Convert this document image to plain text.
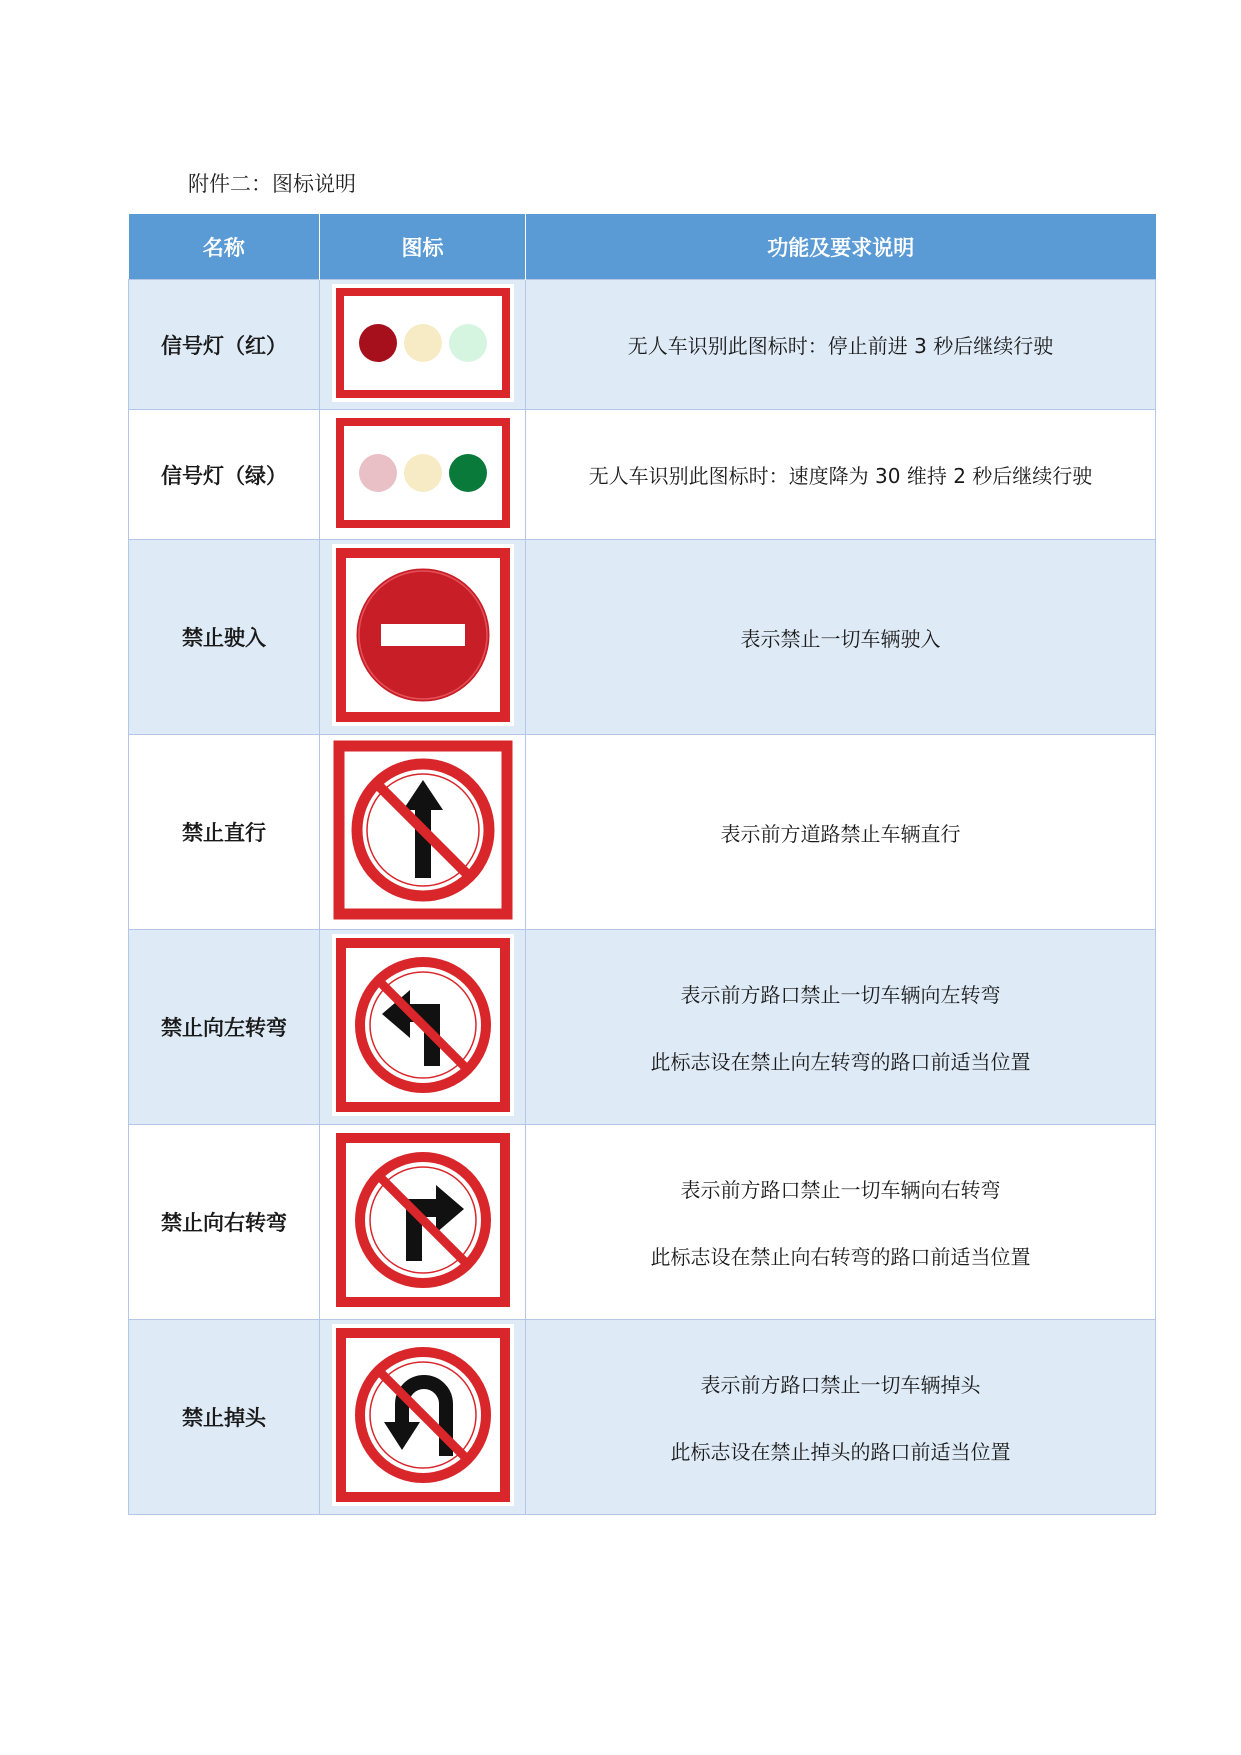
附件二：图标说明
名称	图标	功能及要求说明
信号灯（红）		无人车识别此图标时：停止前进 3 秒后继续行驶

信号灯（绿）		无人车识别此图标时：速度降为 30 维持 2 秒后继续行驶

禁止驶入		表示禁止一切车辆驶入

禁止直行		表示前方道路禁止车辆直行

禁止向左转弯		表示前方路口禁止一切车辆向左转弯

此标志设在禁止向左转弯的路口前适当位置

禁止向右转弯		表示前方路口禁止一切车辆向右转弯

此标志设在禁止向右转弯的路口前适当位置

禁止掉头		表示前方路口禁止一切车辆掉头

此标志设在禁止掉头的路口前适当位置
